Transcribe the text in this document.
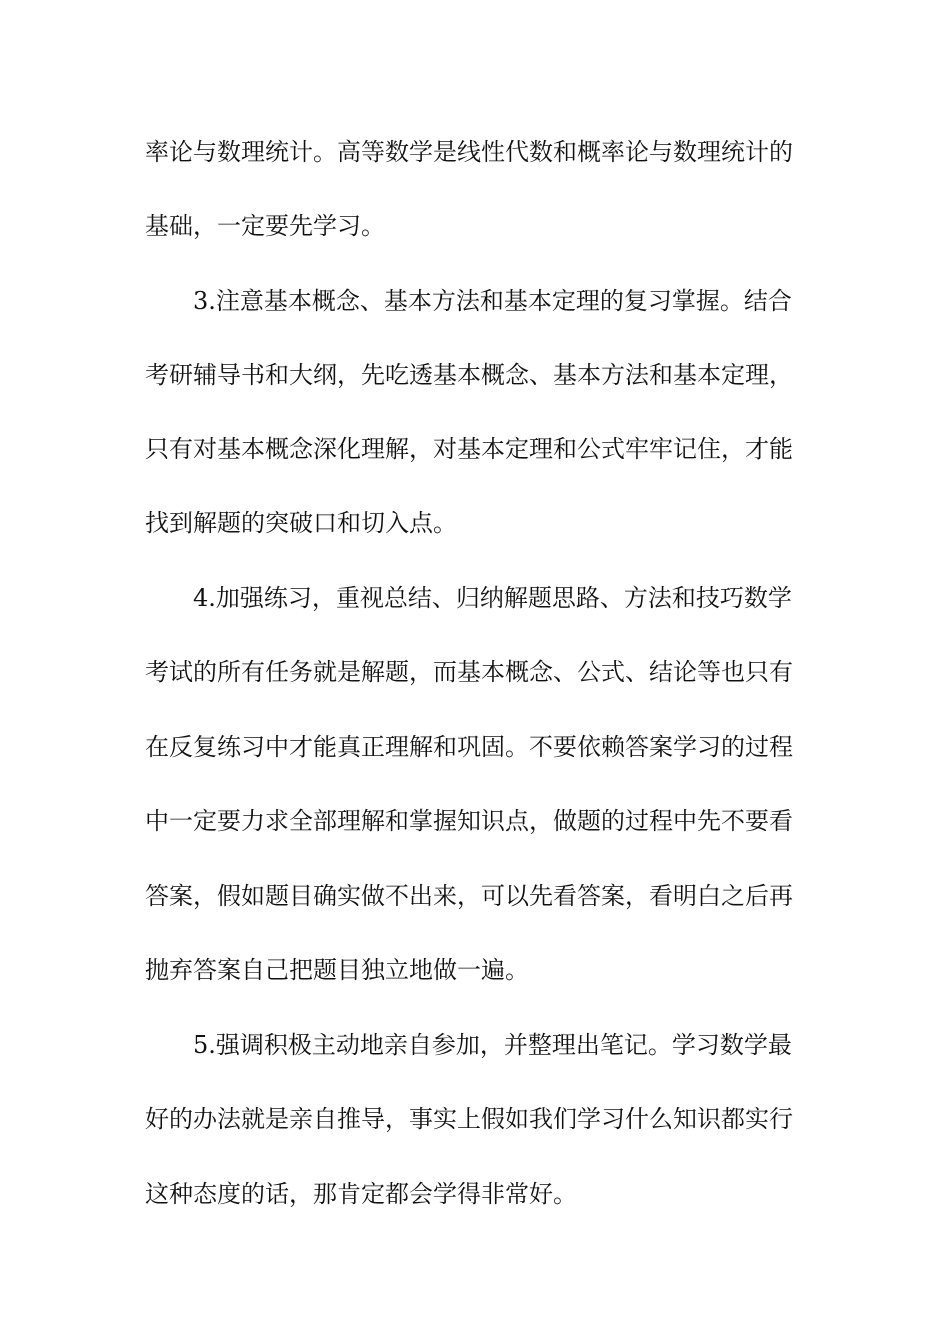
率论与数理统计。高等数学是线性代数和概率论与数理统计的
基础，一定要先学习。
3.注意基本概念、基本方法和基本定理的复习掌握。结合
考研辅导书和大纲，先吃透基本概念、基本方法和基本定理，
只有对基本概念深化理解，对基本定理和公式牢牢记住，才能
找到解题的突破口和切入点。
4.加强练习，重视总结、归纳解题思路、方法和技巧数学
考试的所有任务就是解题，而基本概念、公式、结论等也只有
在反复练习中才能真正理解和巩固。不要依赖答案学习的过程
中一定要力求全部理解和掌握知识点，做题的过程中先不要看
答案，假如题目确实做不出来，可以先看答案，看明白之后再
抛弃答案自己把题目独立地做一遍。
5.强调积极主动地亲自参加，并整理出笔记。学习数学最
好的办法就是亲自推导，事实上假如我们学习什么知识都实行
这种态度的话，那肯定都会学得非常好。
